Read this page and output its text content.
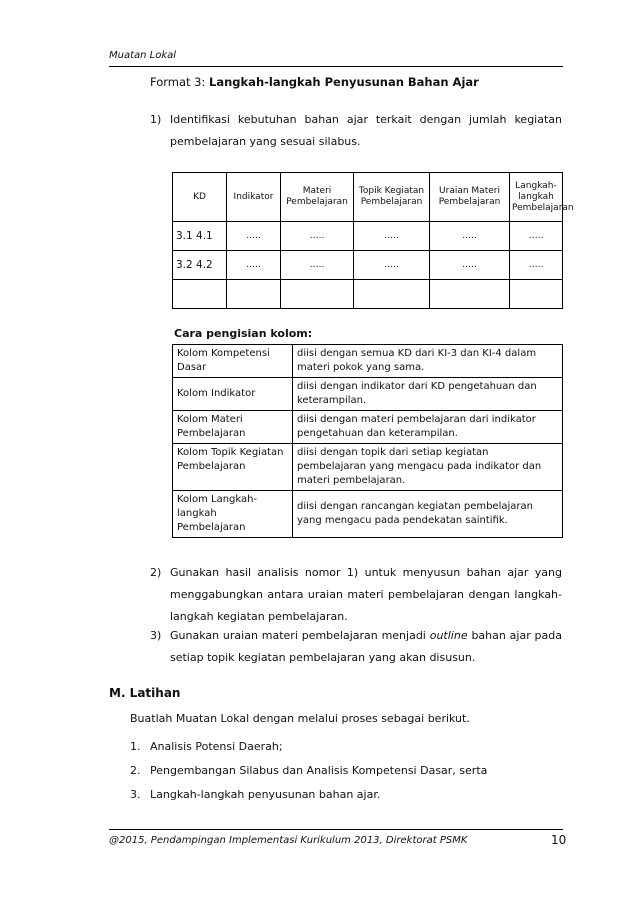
Muatan Lokal
Format 3: Langkah-langkah Penyusunan Bahan Ajar
1) Identifikasi kebutuhan bahan ajar terkait dengan jumlah kegiatan
pembelajaran yang sesuai silabus.
KD	Indikator	Materi Pembelajaran	Topik Kegiatan Pembelajaran	Uraian Materi Pembelajaran	Langkah-langkah Pembelajaran
3.1 4.1	…..	…..	…..	…..	…..
3.2 4.2	…..	…..	…..	…..	…..

Cara pengisian kolom:
Kolom Kompetensi Dasar	diisi dengan semua KD dari KI-3 dan KI-4 dalam materi pokok yang sama.
Kolom Indikator	diisi dengan indikator dari KD pengetahuan dan keterampilan.
Kolom Materi Pembelajaran	diisi dengan materi pembelajaran dari indikator pengetahuan dan keterampilan.
Kolom Topik Kegiatan Pembelajaran	diisi dengan topik dari setiap kegiatan pembelajaran yang mengacu pada indikator dan materi pembelajaran.
Kolom Langkah-langkah Pembelajaran	diisi dengan rancangan kegiatan pembelajaran yang mengacu pada pendekatan saintifik.
2) Gunakan hasil analisis nomor 1) untuk menyusun bahan ajar yang
menggabungkan antara uraian materi pembelajaran dengan langkah-
langkah kegiatan pembelajaran.
3) Gunakan uraian materi pembelajaran menjadi outline bahan ajar pada
setiap topik kegiatan pembelajaran yang akan disusun.
M. Latihan
Buatlah Muatan Lokal dengan melalui proses sebagai berikut.
1. Analisis Potensi Daerah;
2. Pengembangan Silabus dan Analisis Kompetensi Dasar, serta
3. Langkah-langkah penyusunan bahan ajar.
@2015, Pendampingan Implementasi Kurikulum 2013, Direktorat PSMK	10
